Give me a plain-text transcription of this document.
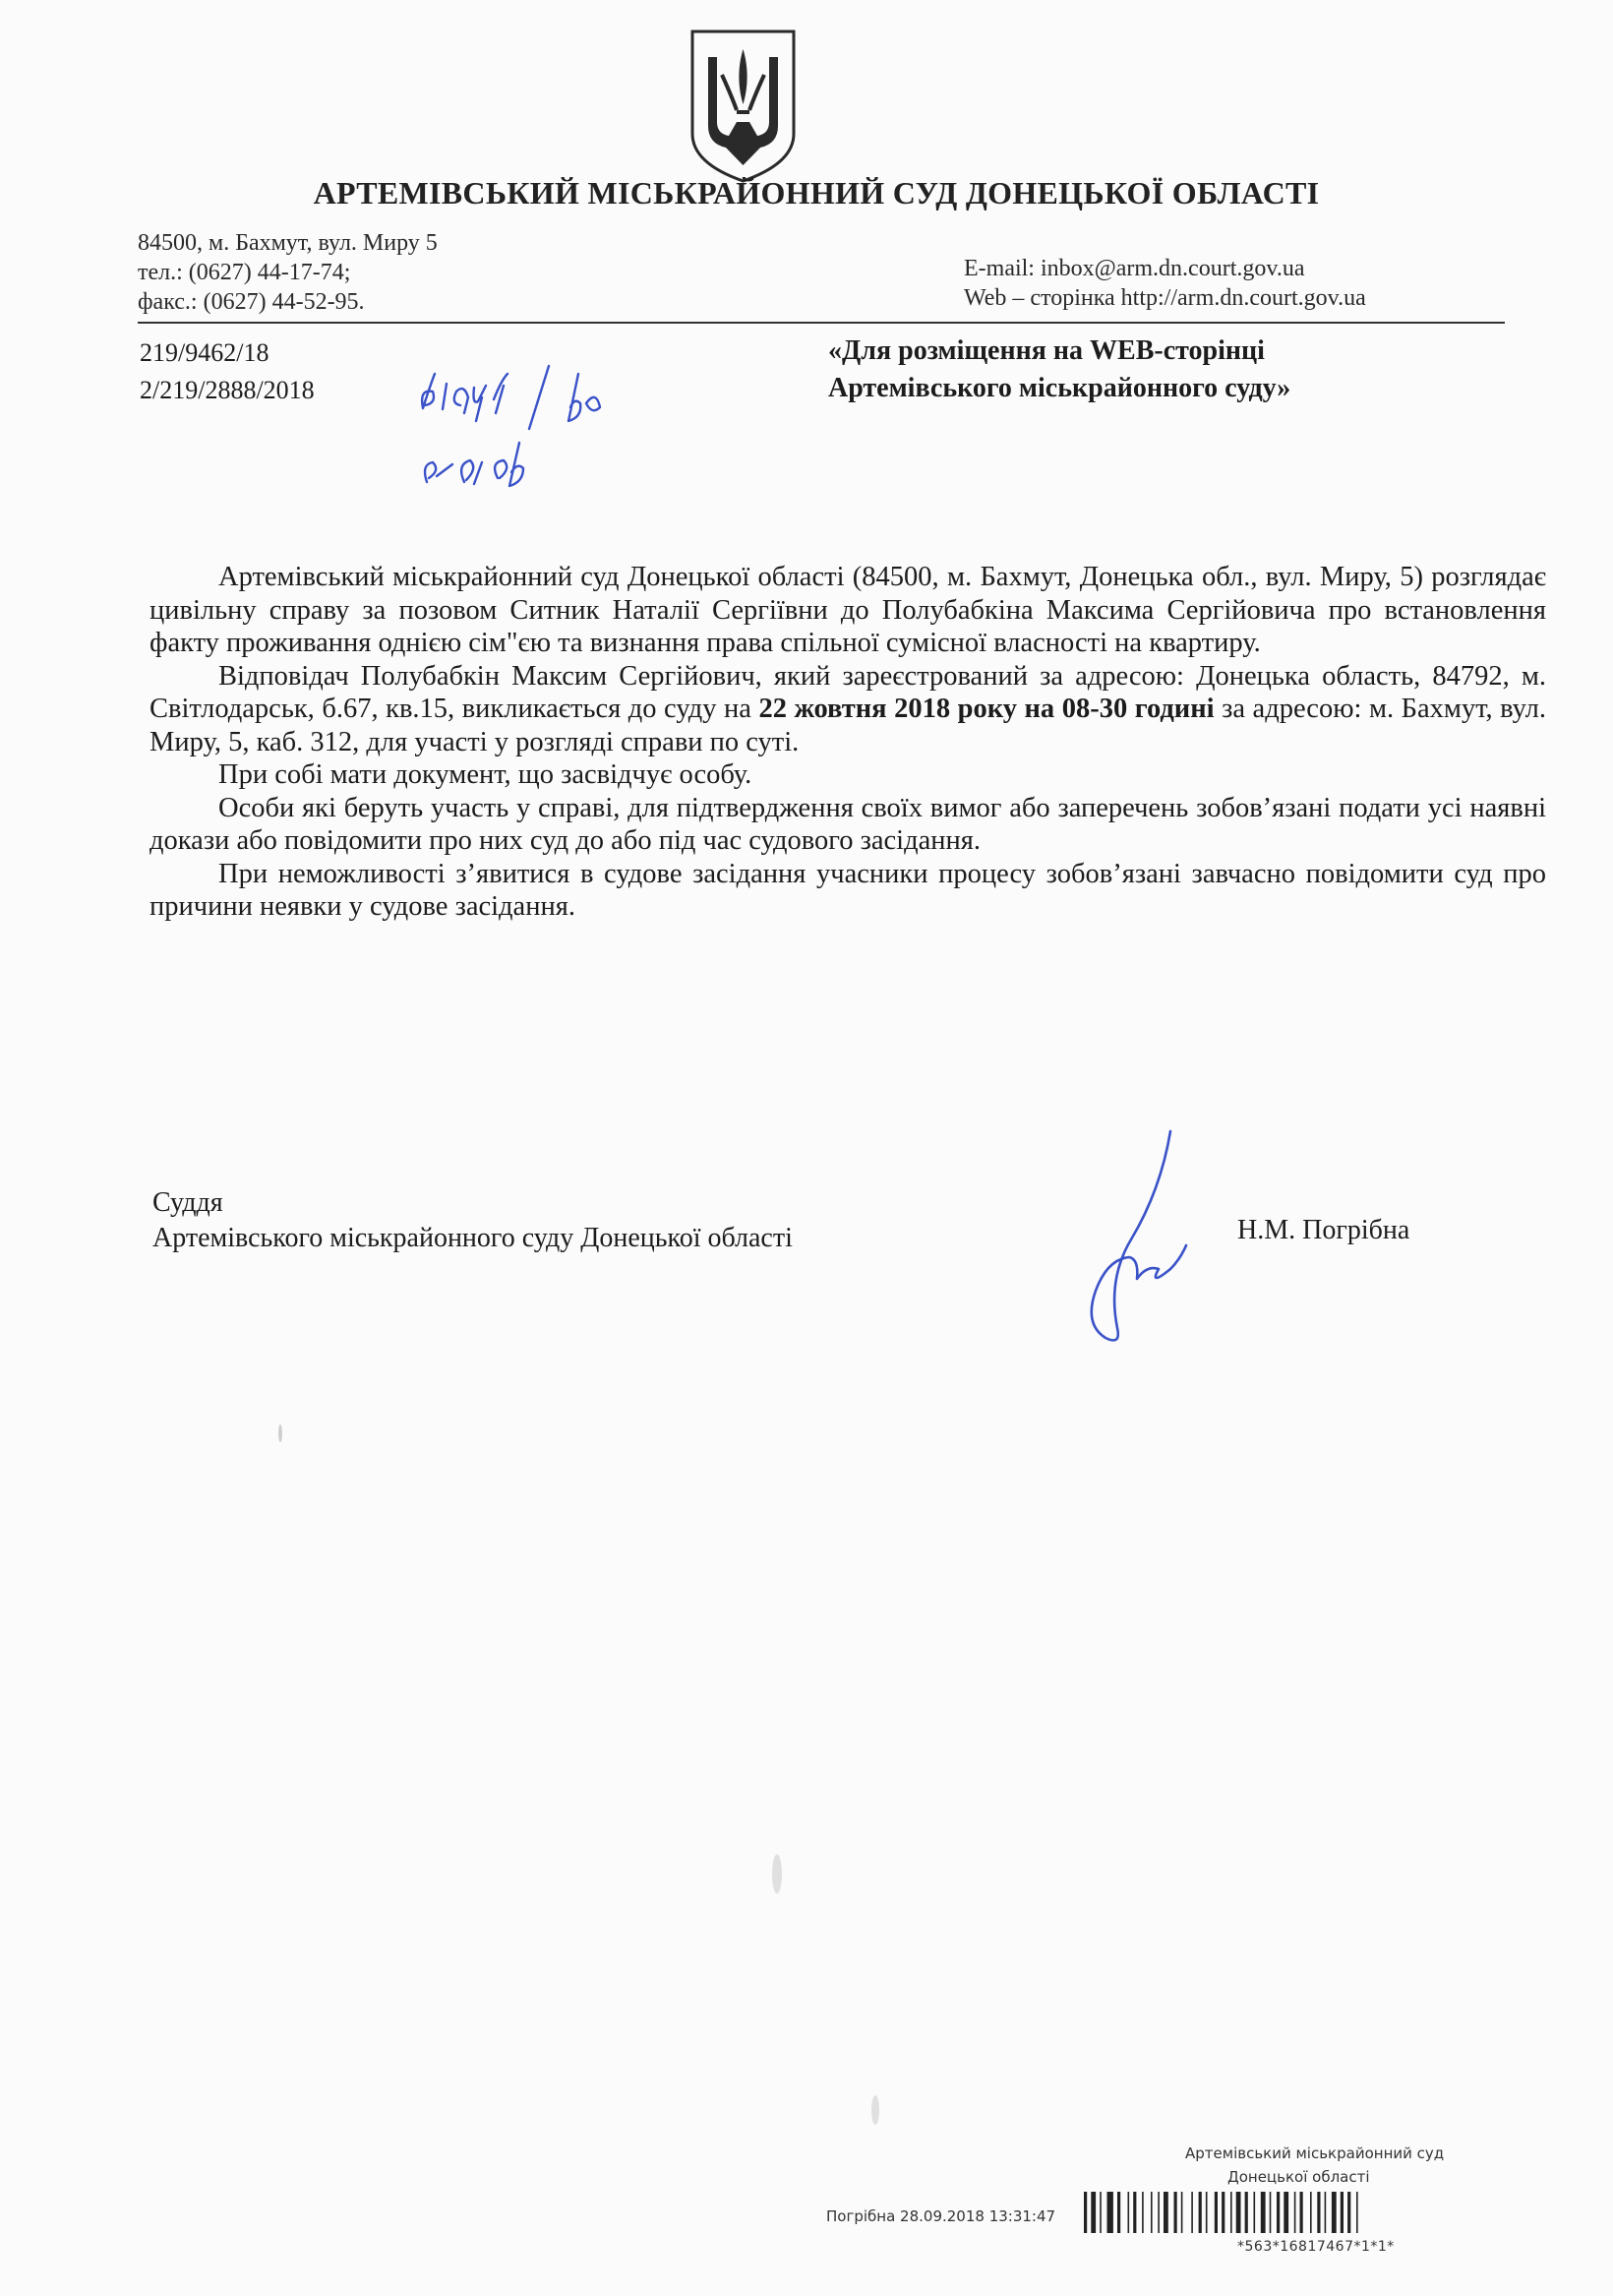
АРТЕМІВСЬКИЙ МІСЬКРАЙОННИЙ СУД ДОНЕЦЬКОЇ ОБЛАСТІ
84500, м. Бахмут, вул. Миру 5
тел.: (0627) 44-17-74;
факс.: (0627) 44-52-95.
E-mail: inbox@arm.dn.court.gov.ua
Web – сторінка http://arm.dn.court.gov.ua
219/9462/18
2/219/2888/2018
«Для розміщення на WEB-сторінці
Артемівського міськрайонного суду»

Артемівський міськрайонний суд Донецької області (84500, м. Бахмут, Донецька обл., вул. Миру, 5) розглядає цивільну справу за позовом Ситник Наталії Сергіївни до Полубабкіна Максима Сергійовича про встановлення факту проживання однією сім"єю та визнання права спільної сумісної власності на квартиру.

Відповідач Полубабкін Максим Сергійович, який зареєстрований за адресою: Донецька область, 84792, м. Світлодарськ, б.67, кв.15, викликається до суду на 22 жовтня 2018 року на 08-30 годині за адресою: м. Бахмут, вул. Миру, 5, каб. 312, для участі у розгляді справи по суті.

При собі мати документ, що засвідчує особу.

Особи які беруть участь у справі, для підтвердження своїх вимог або заперечень зобов’язані подати усі наявні докази або повідомити про них суд до або під час судового засідання.

При неможливості з’явитися в судове засідання учасники процесу зобов’язані завчасно повідомити суд про причини неявки у судове засідання.

Суддя
Артемівського міськрайонного суду Донецької області	Н.М. Погрібна
Артемівський міськрайонний суд
Донецької області
Погрібна 28.09.2018 13:31:47
*563*16817467*1*1*
